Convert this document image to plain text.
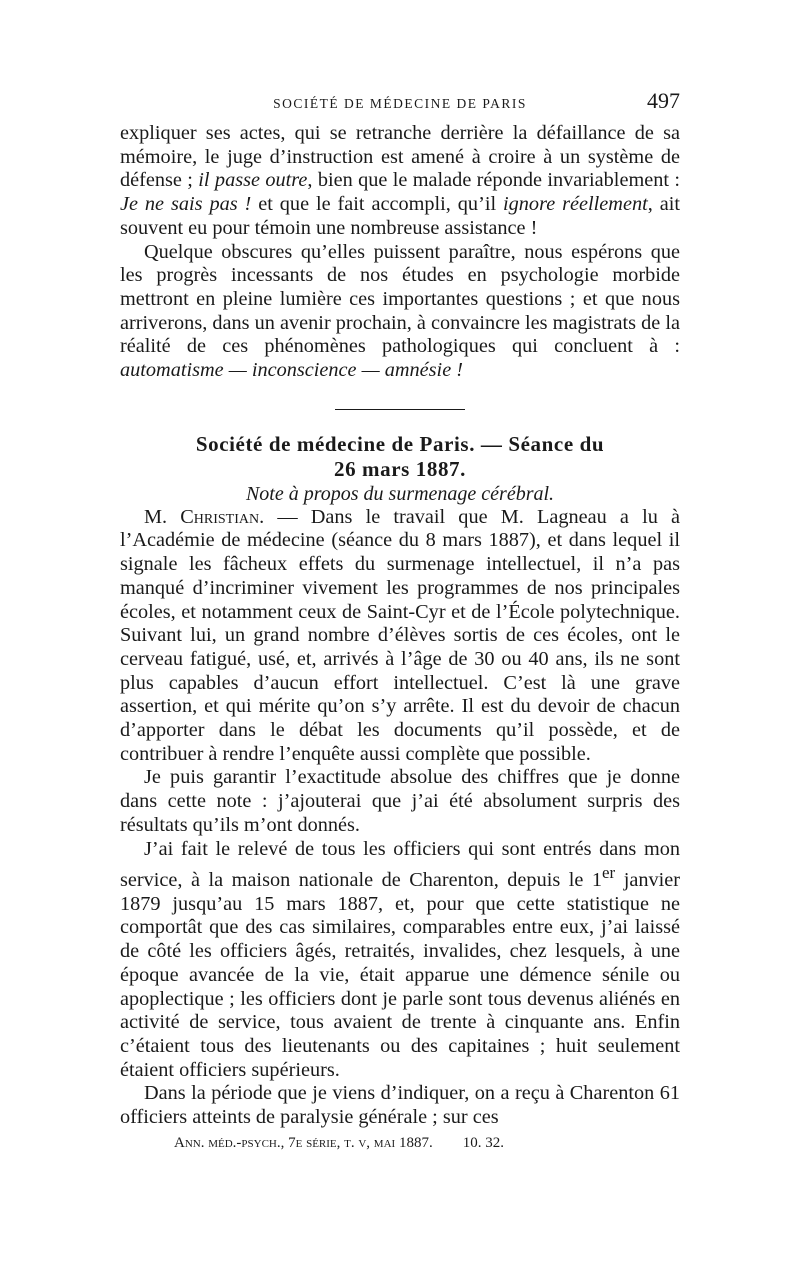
SOCIÉTÉ DE MÉDECINE DE PARIS	497

expliquer ses actes, qui se retranche derrière la défaillance de sa mémoire, le juge d’instruction est amené à croire à un système de défense ; il passe outre, bien que le malade réponde invariablement : Je ne sais pas ! et que le fait accompli, qu’il ignore réellement, ait souvent eu pour témoin une nombreuse assistance !

Quelque obscures qu’elles puissent paraître, nous espérons que les progrès incessants de nos études en psychologie morbide mettront en pleine lumière ces importantes questions ; et que nous arriverons, dans un avenir prochain, à convaincre les magistrats de la réalité de ces phénomènes pathologiques qui concluent à : automatisme — inconscience — amnésie !

Société de médecine de Paris. — Séance du
26 mars 1887.

Note à propos du surmenage cérébral.

M. Christian. — Dans le travail que M. Lagneau a lu à l’Académie de médecine (séance du 8 mars 1887), et dans lequel il signale les fâcheux effets du surmenage intellectuel, il n’a pas manqué d’incriminer vivement les programmes de nos principales écoles, et notamment ceux de Saint-Cyr et de l’École polytechnique. Suivant lui, un grand nombre d’élèves sortis de ces écoles, ont le cerveau fatigué, usé, et, arrivés à l’âge de 30 ou 40 ans, ils ne sont plus capables d’aucun effort intellectuel. C’est là une grave assertion, et qui mérite qu’on s’y arrête. Il est du devoir de chacun d’apporter dans le débat les documents qu’il possède, et de contribuer à rendre l’enquête aussi complète que possible.

Je puis garantir l’exactitude absolue des chiffres que je donne dans cette note : j’ajouterai que j’ai été absolument surpris des résultats qu’ils m’ont donnés.

J’ai fait le relevé de tous les officiers qui sont entrés dans mon service, à la maison nationale de Charenton, depuis le 1er janvier 1879 jusqu’au 15 mars 1887, et, pour que cette statistique ne comportât que des cas similaires, comparables entre eux, j’ai laissé de côté les officiers âgés, retraités, invalides, chez lesquels, à une époque avancée de la vie, était apparue une démence sénile ou apoplectique ; les officiers dont je parle sont tous devenus aliénés en activité de service, tous avaient de trente à cinquante ans. Enfin c’étaient tous des lieutenants ou des capitaines ; huit seulement étaient officiers supérieurs.

Dans la période que je viens d’indiquer, on a reçu à Charenton 61 officiers atteints de paralysie générale ; sur ces

Ann. méd.-psych., 7e série, t. v, mai 1887. 10. 32.
